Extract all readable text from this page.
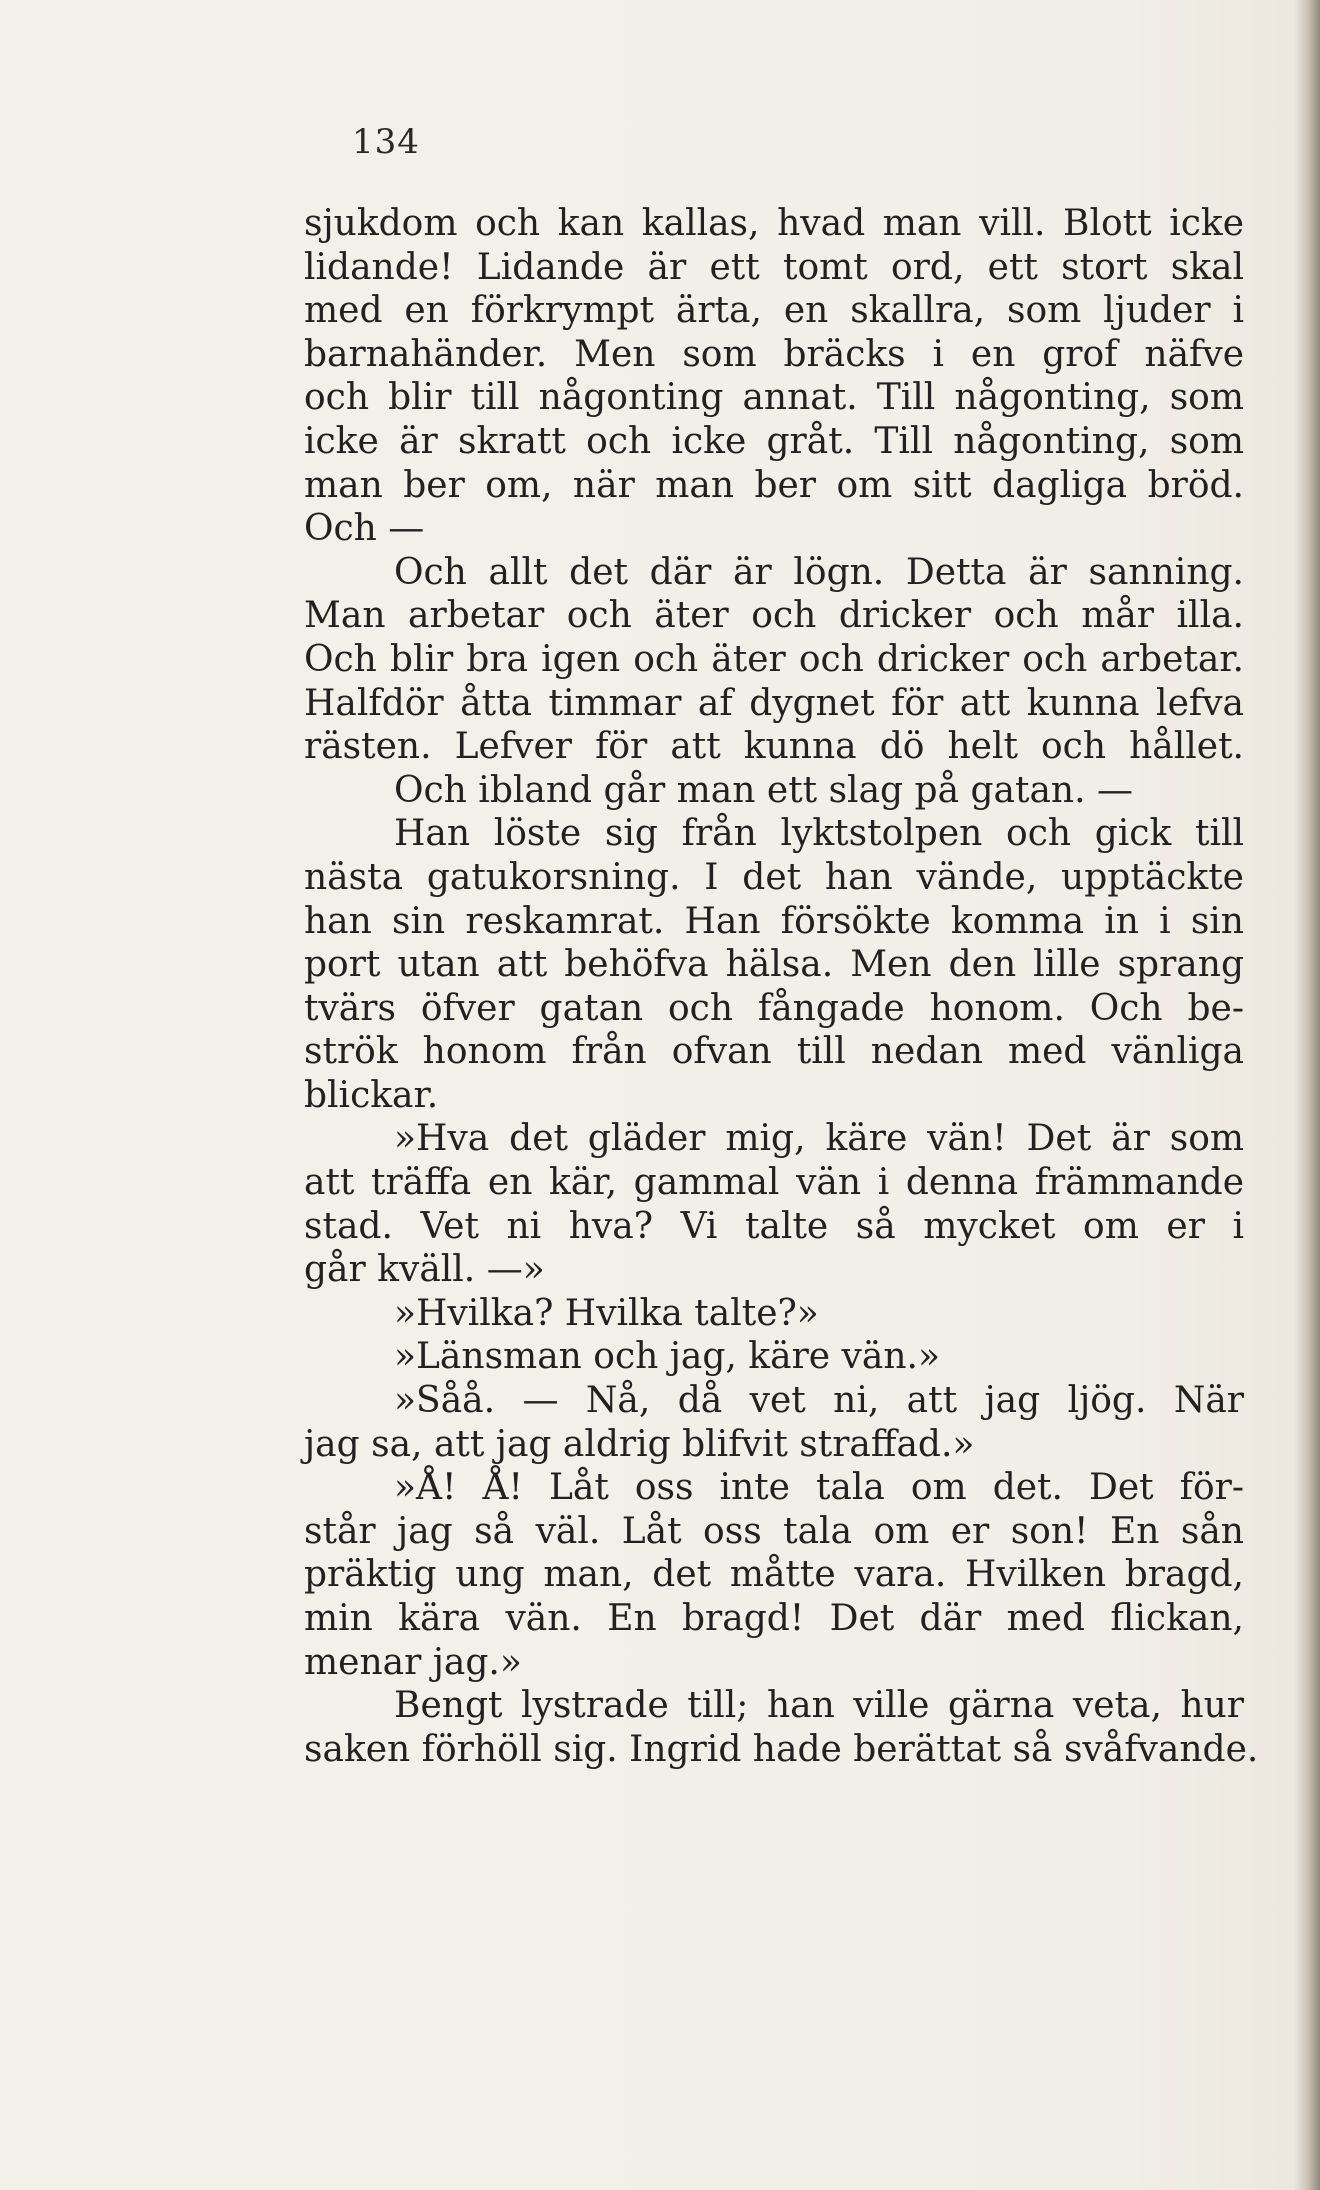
134
sjukdom och kan kallas, hvad man vill. Blott icke
lidande! Lidande är ett tomt ord, ett stort skal
med en förkrympt ärta, en skallra, som ljuder i
barnahänder. Men som bräcks i en grof näfve
och blir till någonting annat. Till någonting, som
icke är skratt och icke gråt. Till någonting, som
man ber om, när man ber om sitt dagliga bröd.
Och —
Och allt det där är lögn. Detta är sanning.
Man arbetar och äter och dricker och mår illa.
Och blir bra igen och äter och dricker och arbetar.
Halfdör åtta timmar af dygnet för att kunna lefva
rästen. Lefver för att kunna dö helt och hållet.
Och ibland går man ett slag på gatan. —
Han löste sig från lyktstolpen och gick till
nästa gatukorsning. I det han vände, upptäckte
han sin reskamrat. Han försökte komma in i sin
port utan att behöfva hälsa. Men den lille sprang
tvärs öfver gatan och fångade honom. Och be-
strök honom från ofvan till nedan med vänliga
blickar.
»Hva det gläder mig, käre vän! Det är som
att träffa en kär, gammal vän i denna främmande
stad. Vet ni hva? Vi talte så mycket om er i
går kväll. —»
»Hvilka? Hvilka talte?»
»Länsman och jag, käre vän.»
»Såå. — Nå, då vet ni, att jag ljög. När
jag sa, att jag aldrig blifvit straffad.»
»Å! Å! Låt oss inte tala om det. Det för-
står jag så väl. Låt oss tala om er son! En sån
präktig ung man, det måtte vara. Hvilken bragd,
min kära vän. En bragd! Det där med flickan,
menar jag.»
Bengt lystrade till; han ville gärna veta, hur
saken förhöll sig. Ingrid hade berättat så svåfvande.
